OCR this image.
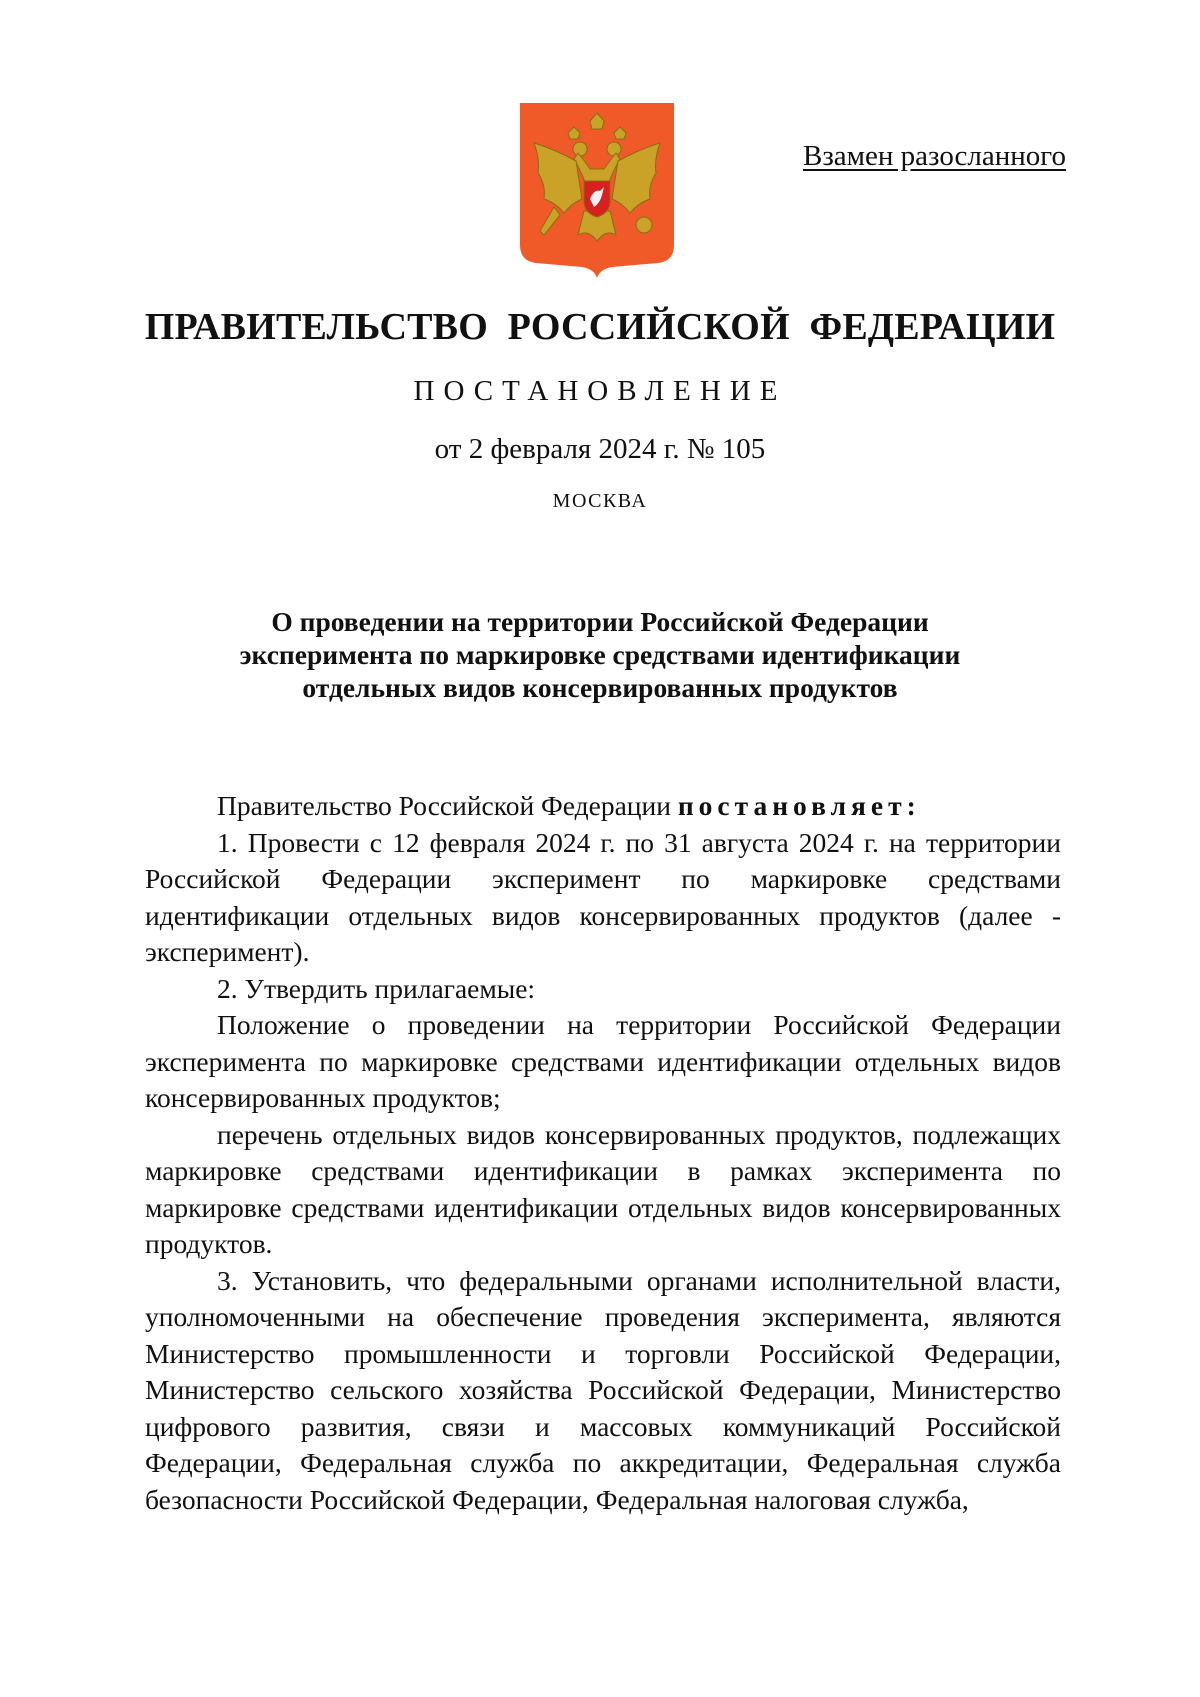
Взамен разосланного
ПРАВИТЕЛЬСТВО РОССИЙСКОЙ ФЕДЕРАЦИИ
ПОСТАНОВЛЕНИЕ
от 2 февраля 2024 г. № 105
МОСКВА
О проведении на территории Российской Федерации
эксперимента по маркировке средствами идентификации
отдельных видов консервированных продуктов

Правительство Российской Федерации постановляет:

1. Провести с 12 февраля 2024 г. по 31 августа 2024 г. на территории Российской Федерации эксперимент по маркировке средствами идентификации отдельных видов консервированных продуктов (далее - эксперимент).

2. Утвердить прилагаемые:

Положение о проведении на территории Российской Федерации эксперимента по маркировке средствами идентификации отдельных видов консервированных продуктов;

перечень отдельных видов консервированных продуктов, подлежащих маркировке средствами идентификации в рамках эксперимента по маркировке средствами идентификации отдельных видов консервированных продуктов.

3. Установить, что федеральными органами исполнительной власти, уполномоченными на обеспечение проведения эксперимента, являются Министерство промышленности и торговли Российской Федерации, Министерство сельского хозяйства Российской Федерации, Министерство цифрового развития, связи и массовых коммуникаций Российской Федерации, Федеральная служба по аккредитации, Федеральная служба безопасности Российской Федерации, Федеральная налоговая служба,
